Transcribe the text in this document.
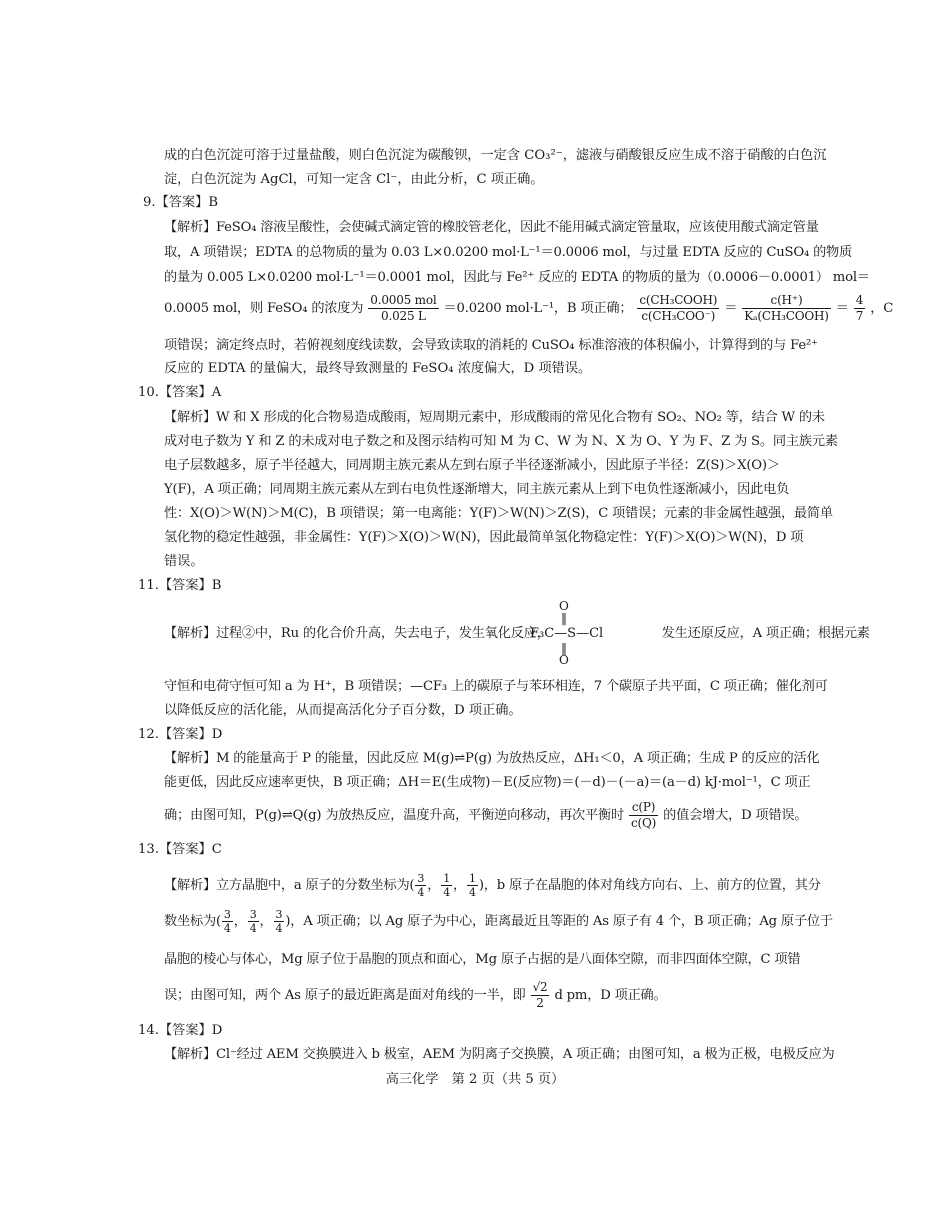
成的白色沉淀可溶于过量盐酸，则白色沉淀为碳酸钡，一定含 CO₃²⁻，滤液与硝酸银反应生成不溶于硝酸的白色沉
淀，白色沉淀为 AgCl，可知一定含 Cl⁻，由此分析，C 项正确。
9.【答案】B
【解析】FeSO₄ 溶液呈酸性，会使碱式滴定管的橡胶管老化，因此不能用碱式滴定管量取，应该使用酸式滴定管量
取，A 项错误；EDTA 的总物质的量为 0.03 L×0.0200 mol·L⁻¹＝0.0006 mol，与过量 EDTA 反应的 CuSO₄ 的物质
的量为 0.005 L×0.0200 mol·L⁻¹＝0.0001 mol，因此与 Fe²⁺ 反应的 EDTA 的物质的量为（0.0006－0.0001） mol＝
0.0005 mol，则 FeSO₄ 的浓度为 $\frac{\text{0.0005 mol}}{0.025 L} =0.0200$ mol·L⁻¹，B 项正确； $\frac{\text{c(CH₃COOH)}}{\text{c(CH₃COO⁻)}} = \frac{c(H^+)}{\text{Kₐ(CH₃COOH)}} = \frac{4}{7}$ ，C
项错误；滴定终点时，若俯视刻度线读数，会导致读取的消耗的 CuSO₄ 标准溶液的体积偏小，计算得到的与 Fe²⁺
反应的 EDTA 的量偏大，最终导致测量的 FeSO₄ 浓度偏大，D 项错误。
10.【答案】A
【解析】W 和 X 形成的化合物易造成酸雨，短周期元素中，形成酸雨的常见化合物有 SO₂、NO₂ 等，结合 W 的未
成对电子数为 Y 和 Z 的未成对电子数之和及图示结构可知 M 为 C、W 为 N、X 为 O、Y 为 F、Z 为 S。同主族元素
电子层数越多，原子半径越大，同周期主族元素从左到右原子半径逐渐减小，因此原子半径：Z(S)＞X(O)＞
Y(F)，A 项正确；同周期主族元素从左到右电负性逐渐增大，同主族元素从上到下电负性逐渐减小，因此电负
性：X(O)＞W(N)＞M(C)，B 项错误；第一电离能：Y(F)＞W(N)＞Z(S)，C 项错误；元素的非金属性越强，最简单
氢化物的稳定性越强，非金属性：Y(F)＞X(O)＞W(N)，因此最简单氢化物稳定性：Y(F)＞X(O)＞W(N)，D 项
错误。
11.【答案】B
【解析】过程②中，Ru 的化合价升高，失去电子，发生氧化反应，	发生还原反应，A 项正确；根据元素
O
‖
F₃C—S—Cl
‖
O
守恒和电荷守恒可知 a 为 H⁺，B 项错误；—CF₃ 上的碳原子与苯环相连，7 个碳原子共平面，C 项正确；催化剂可
以降低反应的活化能，从而提高活化分子百分数，D 项正确。
12.【答案】D
【解析】M 的能量高于 P 的能量，因此反应 M(g)⇌P(g) 为放热反应，ΔH₁＜0，A 项正确；生成 P 的反应的活化
能更低，因此反应速率更快，B 项正确；ΔH＝E(生成物)－E(反应物)＝(－d)－(－a)＝(a－d) kJ·mol⁻¹，C 项正
确；由图可知，P(g)⇌Q(g) 为放热反应，温度升高，平衡逆向移动，再次平衡时 $\frac{c(P)}{c(Q)}$ 的值会增大，D 项错误。
13.【答案】C
【解析】立方晶胞中，a 原子的分数坐标为( $\frac{3}{4}$ ， $\frac{1}{4}$ ， $\frac{1}{4}$ )，b 原子在晶胞的体对角线方向右、上、前方的位置，其分
数坐标为( $\frac{3}{4}$ ， $\frac{3}{4}$ ， $\frac{3}{4}$ )，A 项正确；以 Ag 原子为中心，距离最近且等距的 As 原子有 4 个，B 项正确；Ag 原子位于
晶胞的棱心与体心，Mg 原子位于晶胞的顶点和面心，Mg 原子占据的是八面体空隙，而非四面体空隙，C 项错
误；由图可知，两个 As 原子的最近距离是面对角线的一半，即 $\frac{√2}{2}$ d pm，D 项正确。
14.【答案】D
【解析】Cl⁻经过 AEM 交换膜进入 b 极室，AEM 为阴离子交换膜，A 项正确；由图可知，a 极为正极，电极反应为
高三化学　第 2 页（共 5 页）
